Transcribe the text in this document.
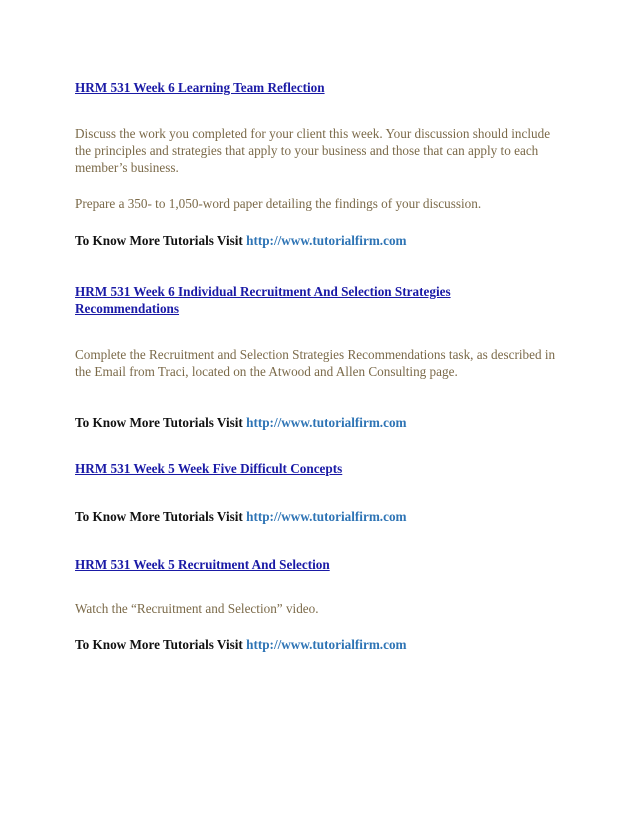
HRM 531 Week 6 Learning Team Reflection

Discuss the work you completed for your client this week. Your discussion should include the principles and strategies that apply to your business and those that can apply to each member’s business.

Prepare a 350- to 1,050-word paper detailing the findings of your discussion.

To Know More Tutorials Visit http://www.tutorialfirm.com

HRM 531 Week 6 Individual Recruitment And Selection Strategies Recommendations

Complete the Recruitment and Selection Strategies Recommendations task, as described in the Email from Traci, located on the Atwood and Allen Consulting page.

To Know More Tutorials Visit http://www.tutorialfirm.com

HRM 531 Week 5 Week Five Difficult Concepts

To Know More Tutorials Visit http://www.tutorialfirm.com

HRM 531 Week 5 Recruitment And Selection

Watch the “Recruitment and Selection” video.

To Know More Tutorials Visit http://www.tutorialfirm.com
